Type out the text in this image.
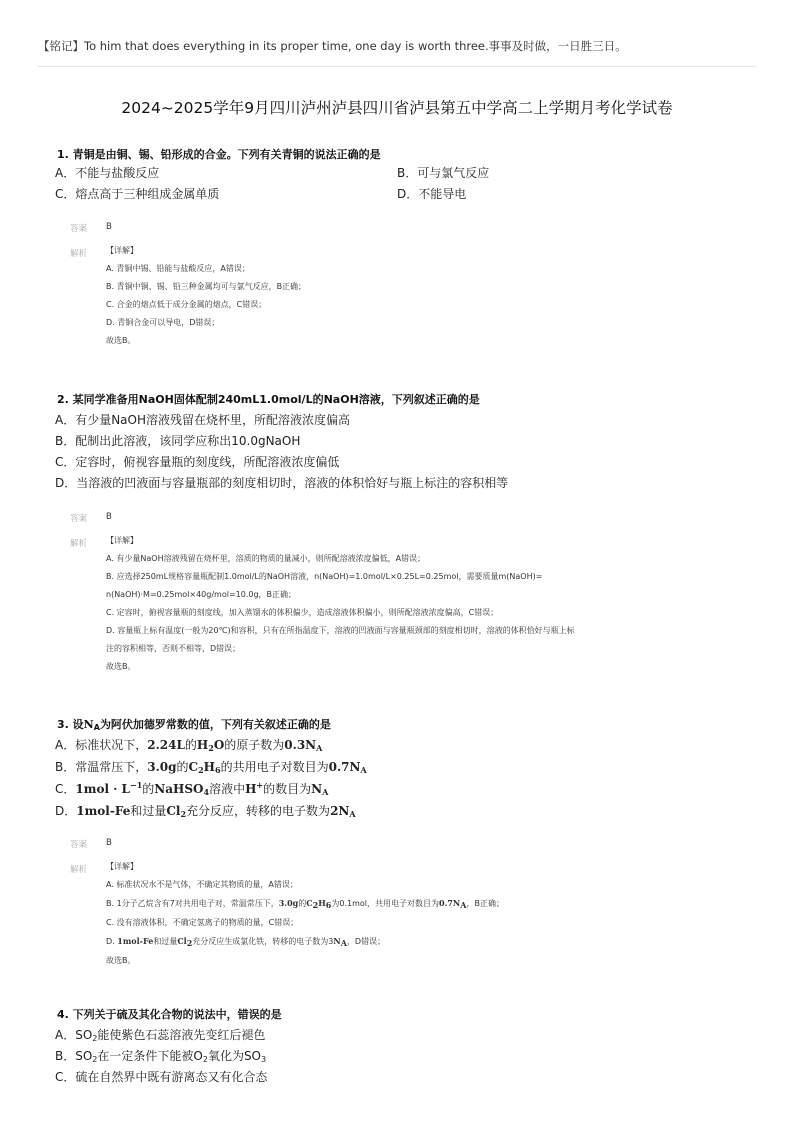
【铭记】To him that does everything in its proper time, one day is worth three.事事及时做，一日胜三日。
2024~2025学年9月四川泸州泸县四川省泸县第五中学高二上学期月考化学试卷
1. 青铜是由铜、锡、铅形成的合金。下列有关青铜的说法正确的是
A．不能与盐酸反应	B．可与氯气反应
C．熔点高于三种组成金属单质	D．不能导电
答案 B
解析 【详解】
A. 青铜中锡、铅能与盐酸反应，A错误；
B. 青铜中铜、锡、铅三种金属均可与氯气反应，B正确；
C. 合金的熔点低于成分金属的熔点，C错误；
D. 青铜合金可以导电，D错误；
故选B。
2. 某同学准备用NaOH固体配制240mL1.0mol/L的NaOH溶液，下列叙述正确的是
A．有少量NaOH溶液残留在烧杯里，所配溶液浓度偏高
B．配制出此溶液，该同学应称出10.0gNaOH
C．定容时，俯视容量瓶的刻度线，所配溶液浓度偏低
D．当溶液的凹液面与容量瓶部的刻度相切时，溶液的体积恰好与瓶上标注的容积相等
答案 B
解析 【详解】
A. 有少量NaOH溶液残留在烧杯里，溶质的物质的量减小，则所配溶液浓度偏低，A错误；
B. 应选择250mL规格容量瓶配制1.0mol/L的NaOH溶液，n(NaOH)=1.0mol/L×0.25L=0.25mol，需要质量m(NaOH)=
n(NaOH)·M=0.25mol×40g/mol=10.0g，B正确；
C. 定容时，俯视容量瓶的刻度线，加入蒸馏水的体积偏少，造成溶液体积偏小，则所配溶液浓度偏高，C错误；
D. 容量瓶上标有温度(一般为20℃)和容积，只有在所指温度下，溶液的凹液面与容量瓶颈部的刻度相切时，溶液的体积恰好与瓶上标
注的容积相等，否则不相等，D错误；
故选B。
3. 设$N_A$为阿伏加德罗常数的值，下列有关叙述正确的是
A．标准状况下，2.24L的$H_2O$的原子数为$0.3N_A$
B．常温常压下，3.0g的$C_2H_6$的共用电子对数目为$0.7N_A$
C．$1mol \cdot L^{-1}$的NaHSO$_4$溶液中H+的数目为$N_A$
D．1mol-Fe和过量$Cl_2$充分反应，转移的电子数为$2N_A$
答案 B
解析 【详解】
A. 标准状况水不是气体，不确定其物质的量，A错误；
B. 1分子乙烷含有7对共用电子对，常温常压下，3.0g的C2H6为0.1mol，共用电子对数目为0.7NA，B正确；
C. 没有溶液体积，不确定氢离子的物质的量，C错误；
D. 1mol-Fe和过量Cl2充分反应生成氯化铁，转移的电子数为3NA，D错误；
故选B。
4. 下列关于硫及其化合物的说法中，错误的是
A．$SO_2$能使紫色石蕊溶液先变红后褪色
B．$SO_2$在一定条件下能被$O_2$氧化为$SO_3$
C．硫在自然界中既有游离态又有化合态
